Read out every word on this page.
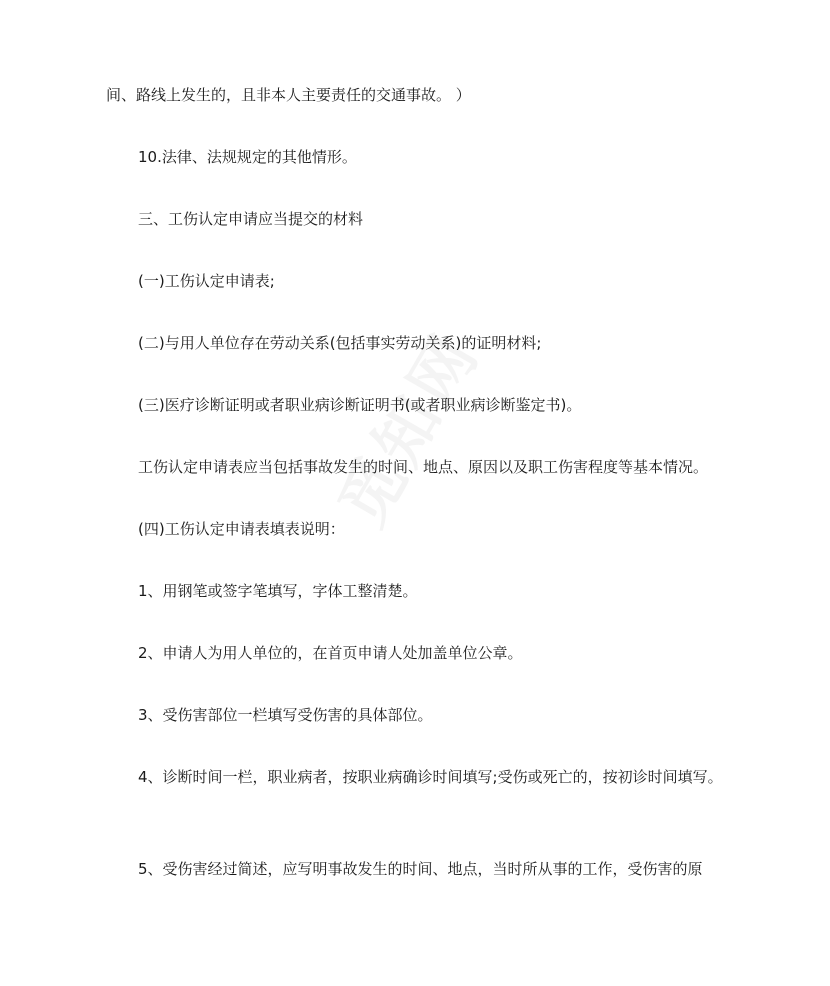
间、路线上发生的，且非本人主要责任的交通事故。 ）

10.法律、法规规定的其他情形。

三、工伤认定申请应当提交的材料

(一)工伤认定申请表;

(二)与用人单位存在劳动关系(包括事实劳动关系)的证明材料;

(三)医疗诊断证明或者职业病诊断证明书(或者职业病诊断鉴定书)。

工伤认定申请表应当包括事故发生的时间、地点、原因以及职工伤害程度等基本情况。

(四)工伤认定申请表填表说明：

1、用钢笔或签字笔填写，字体工整清楚。

2、申请人为用人单位的，在首页申请人处加盖单位公章。

3、受伤害部位一栏填写受伤害的具体部位。

4、诊断时间一栏，职业病者，按职业病确诊时间填写;受伤或死亡的，按初诊时间填写。

5、受伤害经过简述，应写明事故发生的时间、地点，当时所从事的工作，受伤害的原
